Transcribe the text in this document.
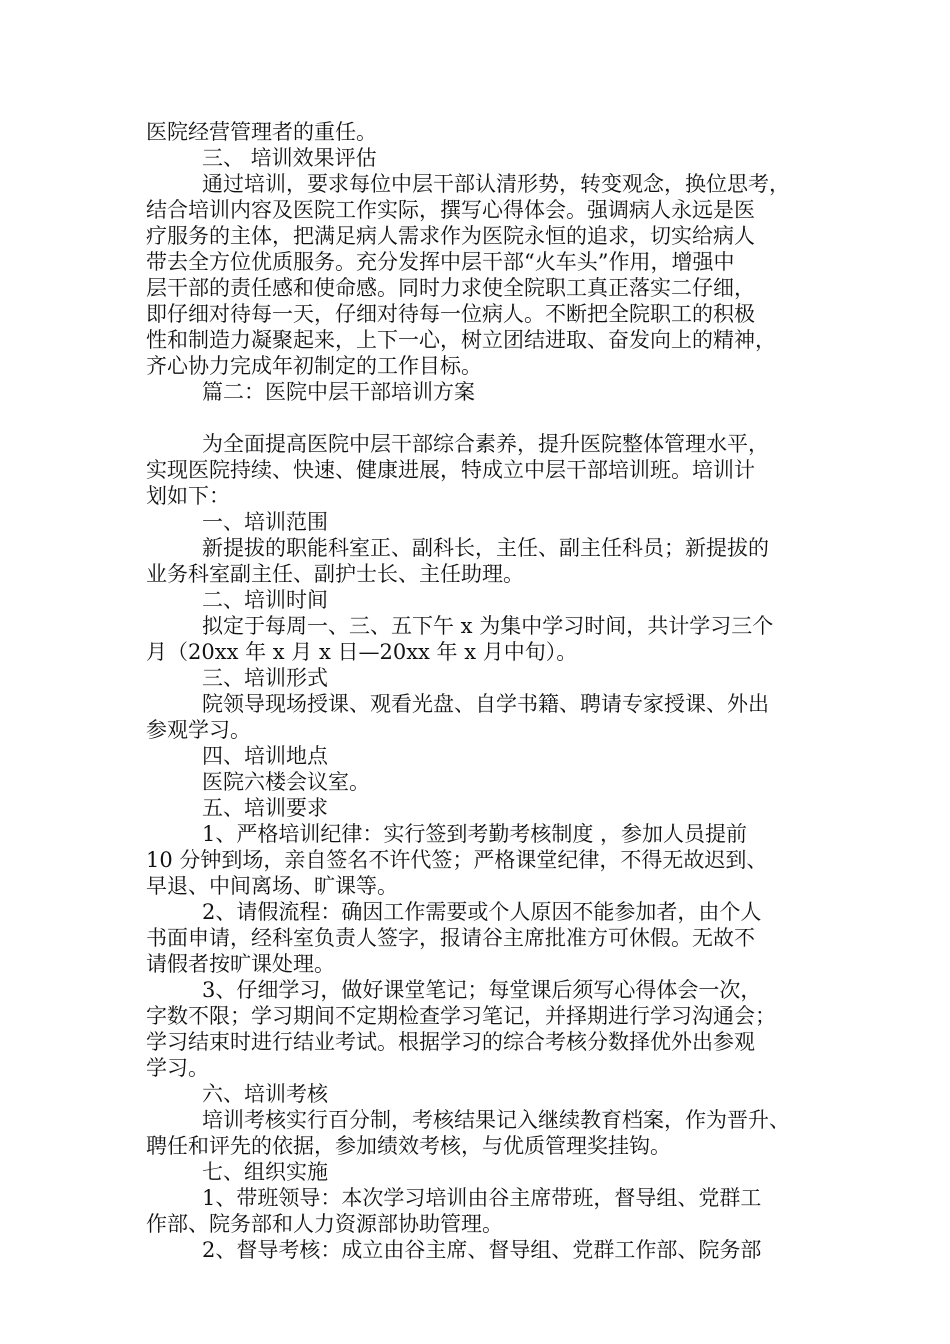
医院经营管理者的重任。
三、 培训效果评估
通过培训，要求每位中层干部认清形势，转变观念，换位思考，
结合培训内容及医院工作实际，撰写心得体会。强调病人永远是医
疗服务的主体，把满足病人需求作为医院永恒的追求，切实给病人
带去全方位优质服务。充分发挥中层干部“火车头”作用，增强中
层干部的责任感和使命感。同时力求使全院职工真正落实二仔细，
即仔细对待每一天，仔细对待每一位病人。不断把全院职工的积极
性和制造力凝聚起来，上下一心，树立团结进取、奋发向上的精神，
齐心协力完成年初制定的工作目标。
篇二：医院中层干部培训方案
为全面提高医院中层干部综合素养，提升医院整体管理水平，
实现医院持续、快速、健康进展，特成立中层干部培训班。培训计
划如下：
一、培训范围
新提拔的职能科室正、副科长，主任、副主任科员；新提拔的
业务科室副主任、副护士长、主任助理。
二、培训时间
拟定于每周一、三、五下午 x 为集中学习时间，共计学习三个
月（20xx 年 x 月 x 日—20xx 年 x 月中旬）。
三、培训形式
院领导现场授课、观看光盘、自学书籍、聘请专家授课、外出
参观学习。
四、培训地点
医院六楼会议室。
五、培训要求
1、严格培训纪律：实行签到考勤考核制度 ，参加人员提前
10 分钟到场，亲自签名不许代签；严格课堂纪律，不得无故迟到、
早退、中间离场、旷课等。
2、请假流程：确因工作需要或个人原因不能参加者，由个人
书面申请，经科室负责人签字，报请谷主席批准方可休假。无故不
请假者按旷课处理。
3、仔细学习，做好课堂笔记；每堂课后须写心得体会一次，
字数不限；学习期间不定期检查学习笔记，并择期进行学习沟通会；
学习结束时进行结业考试。根据学习的综合考核分数择优外出参观
学习。
六、培训考核
培训考核实行百分制，考核结果记入继续教育档案，作为晋升、
聘任和评先的依据，参加绩效考核，与优质管理奖挂钩。
七、组织实施
1、带班领导：本次学习培训由谷主席带班，督导组、党群工
作部、院务部和人力资源部协助管理。
2、督导考核：成立由谷主席、督导组、党群工作部、院务部
